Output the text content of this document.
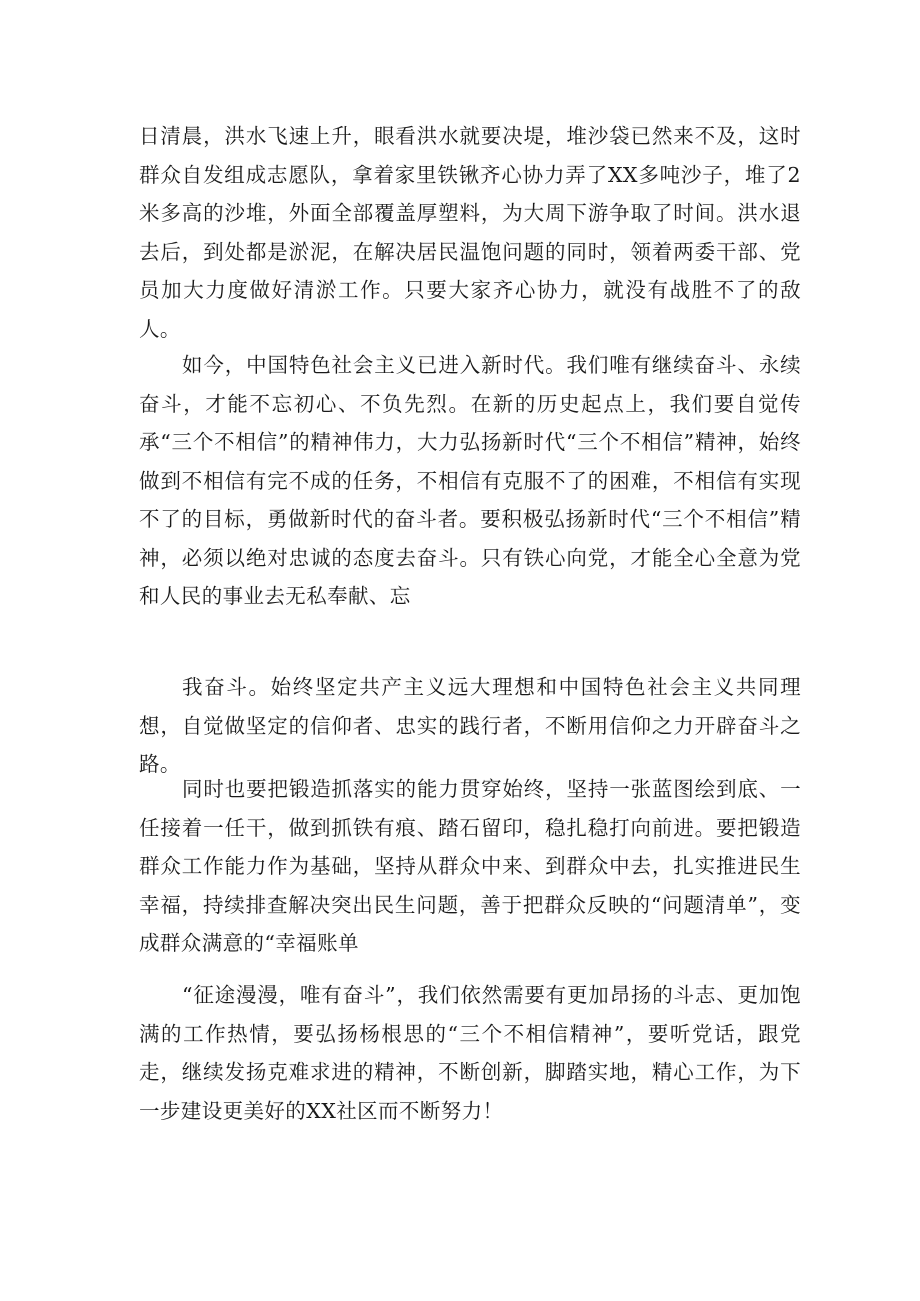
日清晨，洪水飞速上升，眼看洪水就要决堤，堆沙袋已然来不及，这时群众自发组成志愿队，拿着家里铁锹齐心协力弄了XX多吨沙子，堆了2米多高的沙堆，外面全部覆盖厚塑料，为大周下游争取了时间。洪水退去后，到处都是淤泥，在解决居民温饱问题的同时，领着两委干部、党员加大力度做好清淤工作。只要大家齐心协力，就没有战胜不了的敌人。

如今，中国特色社会主义已进入新时代。我们唯有继续奋斗、永续奋斗，才能不忘初心、不负先烈。在新的历史起点上，我们要自觉传承“三个不相信”的精神伟力，大力弘扬新时代“三个不相信”精神，始终做到不相信有完不成的任务，不相信有克服不了的困难，不相信有实现不了的目标，勇做新时代的奋斗者。要积极弘扬新时代“三个不相信”精神，必须以绝对忠诚的态度去奋斗。只有铁心向党，才能全心全意为党和人民的事业去无私奉献、忘

我奋斗。始终坚定共产主义远大理想和中国特色社会主义共同理想，自觉做坚定的信仰者、忠实的践行者，不断用信仰之力开辟奋斗之路。

同时也要把锻造抓落实的能力贯穿始终，坚持一张蓝图绘到底、一任接着一任干，做到抓铁有痕、踏石留印，稳扎稳打向前进。要把锻造群众工作能力作为基础，坚持从群众中来、到群众中去，扎实推进民生幸福，持续排查解决突出民生问题，善于把群众反映的“问题清单”，变成群众满意的“幸福账单

“征途漫漫，唯有奋斗”，我们依然需要有更加昂扬的斗志、更加饱满的工作热情，要弘扬杨根思的“三个不相信精神”，要听党话，跟党走，继续发扬克难求进的精神，不断创新，脚踏实地，精心工作，为下一步建设更美好的XX社区而不断努力！
